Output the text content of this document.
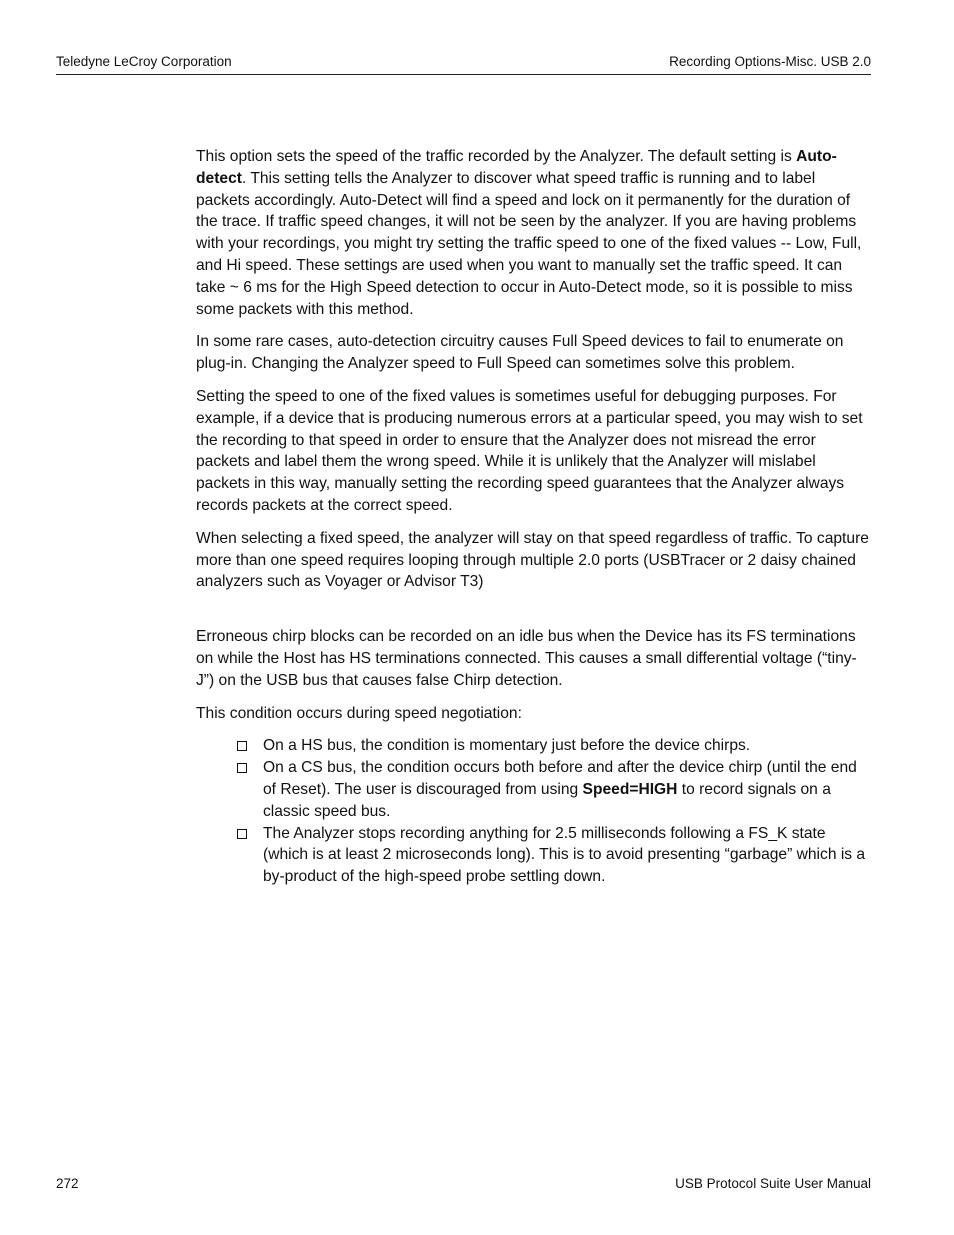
Teledyne LeCroy Corporation	Recording Options-Misc. USB 2.0

This option sets the speed of the traffic recorded by the Analyzer. The default setting is Auto-detect. This setting tells the Analyzer to discover what speed traffic is running and to label packets accordingly. Auto-Detect will find a speed and lock on it permanently for the duration of the trace. If traffic speed changes, it will not be seen by the analyzer. If you are having problems with your recordings, you might try setting the traffic speed to one of the fixed values -- Low, Full, and Hi speed. These settings are used when you want to manually set the traffic speed. It can take ~ 6 ms for the High Speed detection to occur in Auto-Detect mode, so it is possible to miss some packets with this method.

In some rare cases, auto-detection circuitry causes Full Speed devices to fail to enumerate on plug-in. Changing the Analyzer speed to Full Speed can sometimes solve this problem.

Setting the speed to one of the fixed values is sometimes useful for debugging purposes. For example, if a device that is producing numerous errors at a particular speed, you may wish to set the recording to that speed in order to ensure that the Analyzer does not misread the error packets and label them the wrong speed. While it is unlikely that the Analyzer will mislabel packets in this way, manually setting the recording speed guarantees that the Analyzer always records packets at the correct speed.

When selecting a fixed speed, the analyzer will stay on that speed regardless of traffic. To capture more than one speed requires looping through multiple 2.0 ports (USBTracer or 2 daisy chained analyzers such as Voyager or Advisor T3)

Erroneous chirp blocks can be recorded on an idle bus when the Device has its FS terminations on while the Host has HS terminations connected. This causes a small differential voltage (“tiny-J”) on the USB bus that causes false Chirp detection.

This condition occurs during speed negotiation:

On a HS bus, the condition is momentary just before the device chirps.
On a CS bus, the condition occurs both before and after the device chirp (until the end of Reset). The user is discouraged from using Speed=HIGH to record signals on a classic speed bus.
The Analyzer stops recording anything for 2.5 milliseconds following a FS_K state (which is at least 2 microseconds long). This is to avoid presenting “garbage” which is a by-product of the high-speed probe settling down.
272	USB Protocol Suite User Manual
